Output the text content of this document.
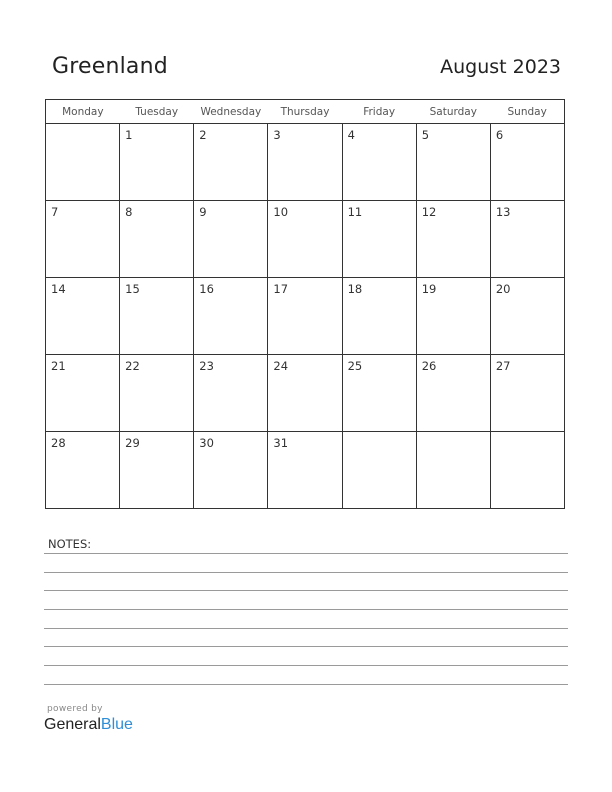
Greenland	August 2023
Monday	Tuesday	Wednesday	Thursday	Friday	Saturday	Sunday

	1	2	3	4	5	6

7	8	9	10	11	12	13

14	15	16	17	18	19	20

21	22	23	24	25	26	27

28	29	30	31			

NOTES:
powered by
GeneralBlue
